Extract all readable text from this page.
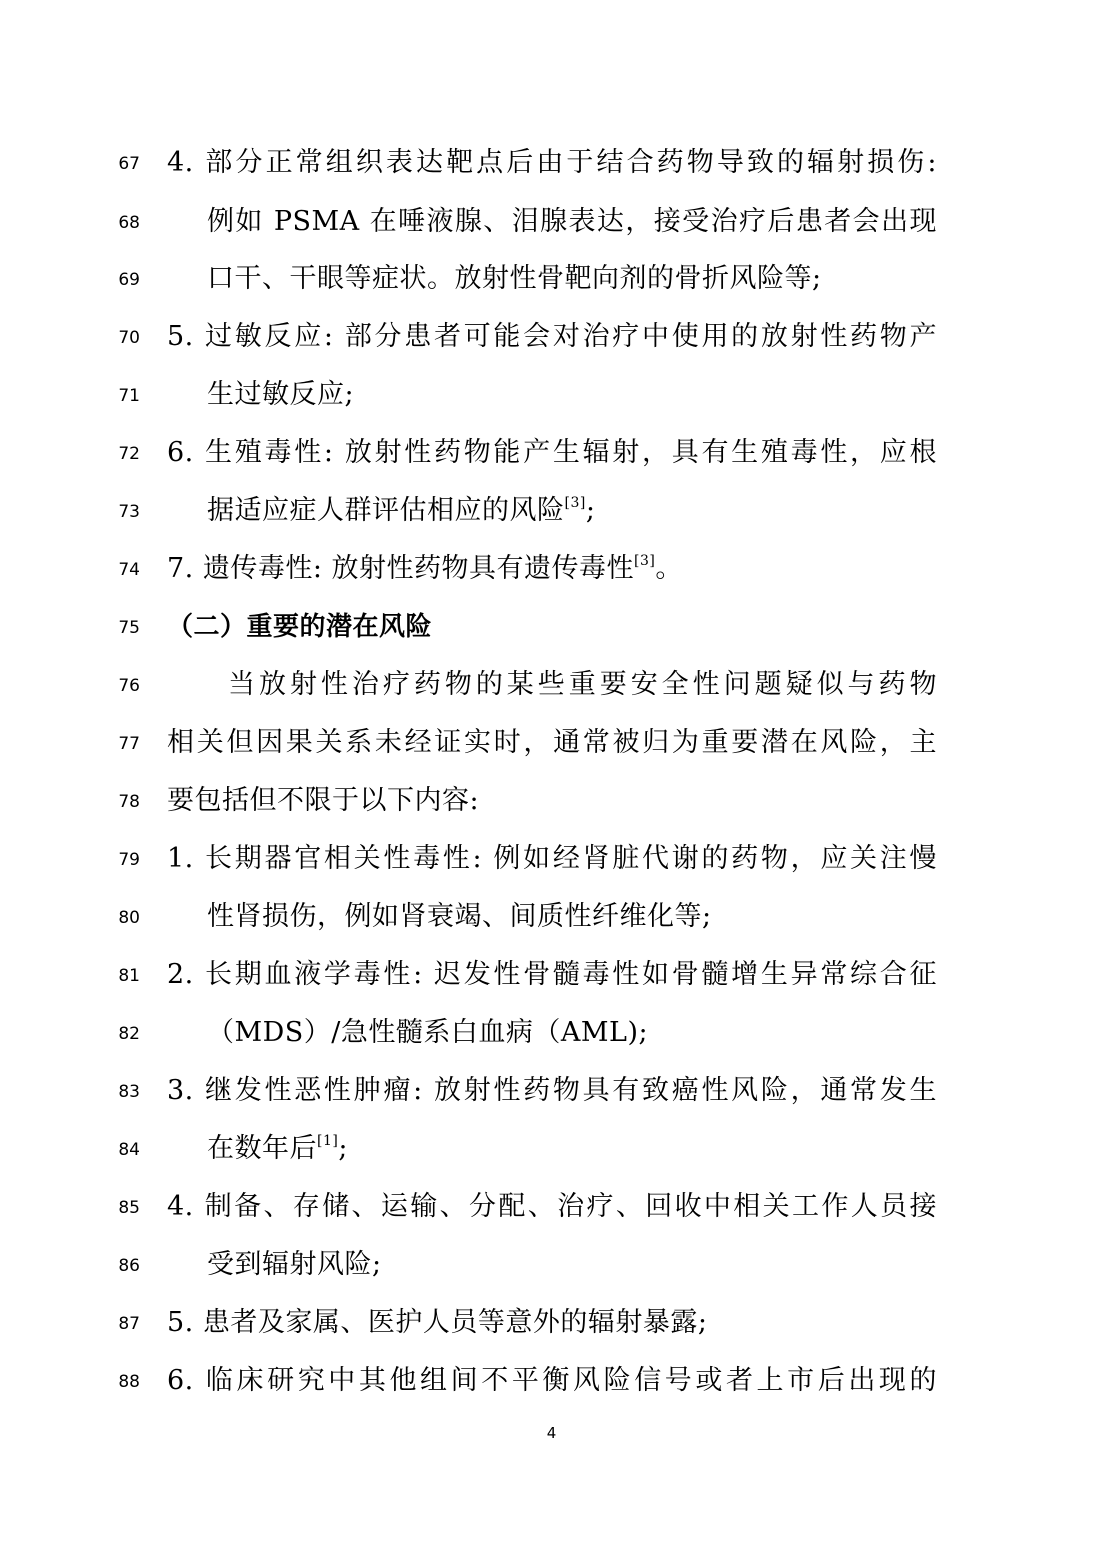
67 4. 部分正常组织表达靶点后由于结合药物导致的辐射损伤:
68 例如 PSMA 在唾液腺、泪腺表达，接受治疗后患者会出现
69 口干、干眼等症状。放射性骨靶向剂的骨折风险等;
70 5. 过敏反应: 部分患者可能会对治疗中使用的放射性药物产
71 生过敏反应;
72 6. 生殖毒性: 放射性药物能产生辐射，具有生殖毒性，应根
73 据适应症人群评估相应的风险[3];
74 7. 遗传毒性: 放射性药物具有遗传毒性[3]。
75 （二）重要的潜在风险
76	当放射性治疗药物的某些重要安全性问题疑似与药物
77 相关但因果关系未经证实时，通常被归为重要潜在风险，主
78 要包括但不限于以下内容:
79 1. 长期器官相关性毒性: 例如经肾脏代谢的药物，应关注慢
80 性肾损伤，例如肾衰竭、间质性纤维化等;
81 2. 长期血液学毒性: 迟发性骨髓毒性如骨髓增生异常综合征
82 （MDS）/急性髓系白血病（AML);
83 3. 继发性恶性肿瘤: 放射性药物具有致癌性风险，通常发生
84 在数年后[1];
85 4. 制备、存储、运输、分配、治疗、回收中相关工作人员接
86 受到辐射风险;
87 5. 患者及家属、医护人员等意外的辐射暴露;
88 6. 临床研究中其他组间不平衡风险信号或者上市后出现的
4
